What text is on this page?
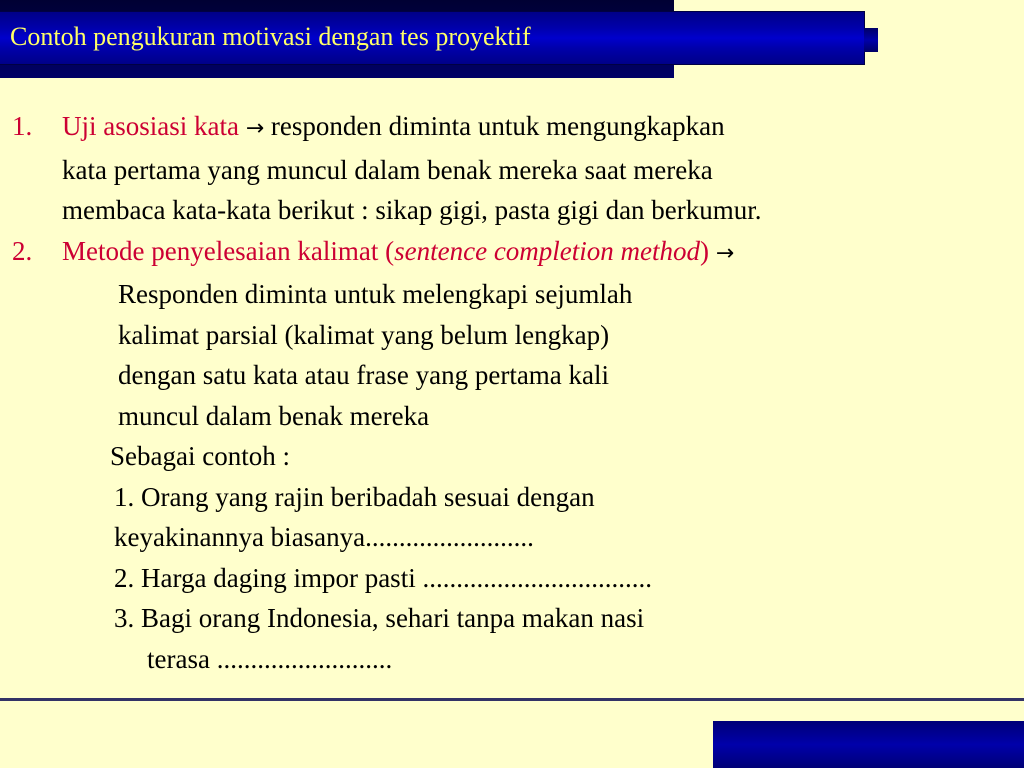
Contoh pengukuran motivasi dengan tes proyektif
1. Uji asosiasi kata → responden diminta untuk mengungkapkan
kata pertama yang muncul dalam benak mereka saat mereka
membaca kata-kata berikut : sikap gigi, pasta gigi dan berkumur.
2. Metode penyelesaian kalimat (sentence completion method) →
Responden diminta untuk melengkapi sejumlah
kalimat parsial (kalimat yang belum lengkap)
dengan satu kata atau frase yang pertama kali
muncul dalam benak mereka
Sebagai contoh :
1. Orang yang rajin beribadah sesuai dengan
keyakinannya biasanya.........................
2. Harga daging impor pasti ..................................
3. Bagi orang Indonesia, sehari tanpa makan nasi
terasa ..........................
